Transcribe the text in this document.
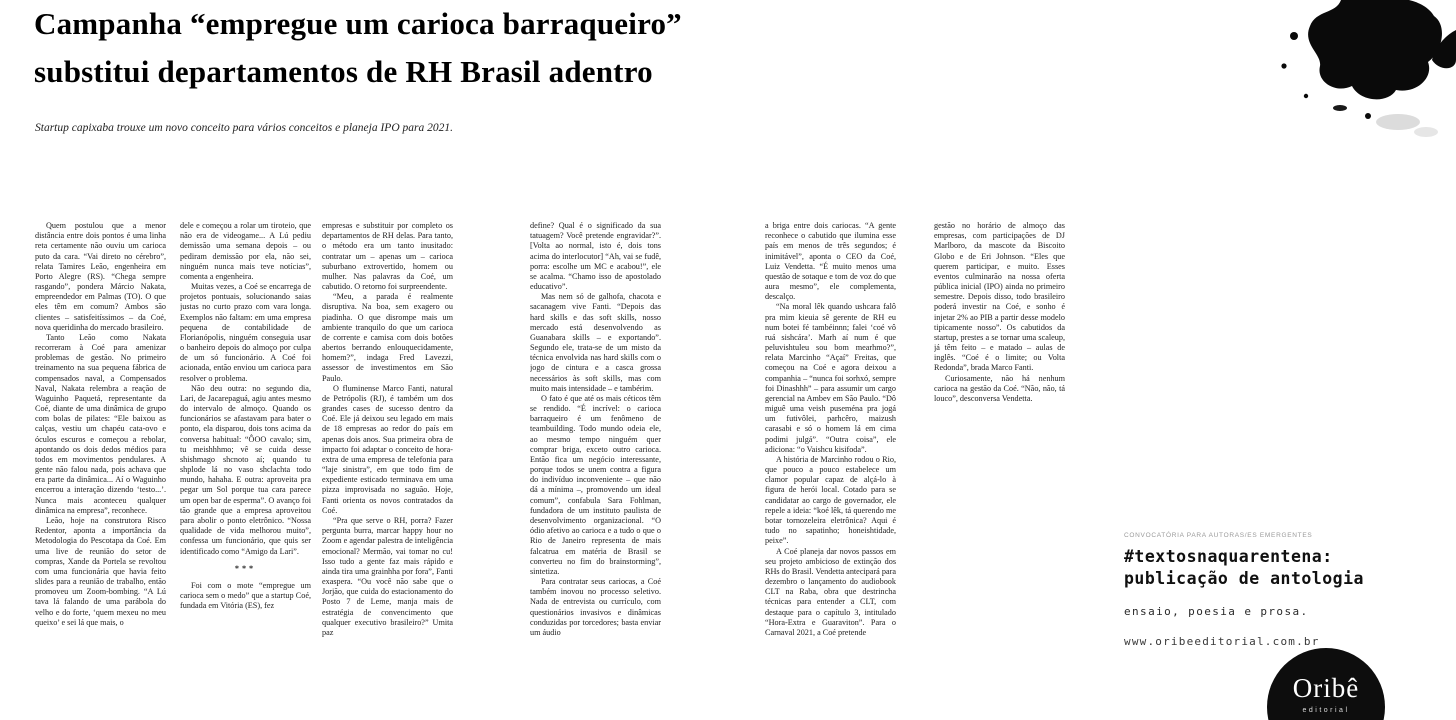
Campanha “empregue um carioca barraqueiro”
substitui departamentos de RH Brasil adentro
Startup capixaba trouxe um novo conceito para vários conceitos e planeja IPO para 2021.

Quem postulou que a menor distância entre dois pontos é uma linha reta certamente não ouviu um carioca puto da cara. “Vai direto no cérebro”, relata Tamires Leão, engenheira em Porto Alegre (RS). “Chega sempre rasgando”, pondera Márcio Nakata, empreendedor em Palmas (TO). O que eles têm em comum? Ambos são clientes – satisfeitíssimos – da Coé, nova queridinha do mercado brasileiro.

Tanto Leão como Nakata recorreram à Coé para amenizar problemas de gestão. No primeiro treinamento na sua pequena fábrica de compensados naval, a Compensados Naval, Nakata relembra a reação de Waguinho Paquetá, representante da Coé, diante de uma dinâmica de grupo com bolas de pilates: “Ele baixou as calças, vestiu um chapéu cata-ovo e óculos escuros e começou a rebolar, apontando os dois dedos médios para todos em movimentos pendulares. A gente não falou nada, pois achava que era parte da dinâmica... Aí o Waguinho encerrou a interação dizendo ‘testo...’. Nunca mais aconteceu qualquer dinâmica na empresa”, reconhece.

Leão, hoje na construtora Risco Redentor, aponta a importância da Metodologia do Pescotapa da Coé. Em uma live de reunião do setor de compras, Xande da Portela se revoltou com uma funcionária que havia feito slides para a reunião de trabalho, então promoveu um Zoom-bombing. “A Lú tava lá falando de uma parábola do velho e do forte, ‘quem mexeu no meu queixo’ e sei lá que mais, o

dele e começou a rolar um tiroteio, que não era de videogame... A Lú pediu demissão uma semana depois – ou pediram demissão por ela, não sei, ninguém nunca mais teve notícias”, comenta a engenheira.

Muitas vezes, a Coé se encarrega de projetos pontuais, solucionando saias justas no curto prazo com vara longa. Exemplos não faltam: em uma empresa pequena de contabilidade de Florianópolis, ninguém conseguia usar o banheiro depois do almoço por culpa de um só funcionário. A Coé foi acionada, então enviou um carioca para resolver o problema.

Não deu outra: no segundo dia, Lari, de Jacarepaguá, agiu antes mesmo do intervalo de almoço. Quando os funcionários se afastavam para bater o ponto, ela disparou, dois tons acima da conversa habitual: “ÔOO cavalo; sim, tu meishhhmo; vê se cuida desse shishmago shcnoto aí; quando tu shplode lá no vaso shclachta todo mundo, hahaha. E outra: aproveita pra pegar um Sol porque tua cara parece um open bar de esperma”. O avanço foi tão grande que a empresa aproveitou para abolir o ponto eletrônico. “Nossa qualidade de vida melhorou muito”, confessa um funcionário, que quis ser identificado como “Amigo da Lari”.

***

Foi com o mote “empregue um carioca sem o medo” que a startup Coé, fundada em Vitória (ES), fez

empresas e substituir por completo os departamentos de RH delas. Para tanto, o método era um tanto inusitado: contratar um – apenas um – carioca suburbano extrovertido, homem ou mulher. Nas palavras da Coé, um cabutido. O retorno foi surpreendente.

“Meu, a parada é realmente disruptiva. Na boa, sem exagero ou piadinha. O que disrompe mais um ambiente tranquilo do que um carioca de corrente e camisa com dois botões abertos berrando enlouquecidamente, homem?”, indaga Fred Lavezzi, assessor de investimentos em São Paulo.

O fluminense Marco Fanti, natural de Petrópolis (RJ), é também um dos grandes cases de sucesso dentro da Coé. Ele já deixou seu legado em mais de 18 empresas ao redor do país em apenas dois anos. Sua primeira obra de impacto foi adaptar o conceito de hora-extra de uma empresa de telefonia para “laje sinistra”, em que todo fim de expediente esticado terminava em uma pizza improvisada no saguão. Hoje, Fanti orienta os novos contratados da Coé.

“Pra que serve o RH, porra? Fazer pergunta burra, marcar happy hour no Zoom e agendar palestra de inteligência emocional? Mermão, vai tomar no cu! Isso tudo a gente faz mais rápido e ainda tira uma grainhha por fora”, Fanti exaspera. “Ou você não sabe que o Jorjão, que cuida do estacionamento do Posto 7 de Leme, manja mais de estratégia de convencimento que qualquer executivo brasileiro?” Umita paz

define? Qual é o significado da sua tatuagem? Você pretende engravidar?”. [Volta ao normal, isto é, dois tons acima do interlocutor] “Ah, vai se fudê, porra: escolhe um MC e acabou!”, ele se acalma. “Chamo isso de apostolado educativo”.

Mas nem só de galhofa, chacota e sacanagem vive Fanti. “Depois das hard skills e das soft skills, nosso mercado está desenvolvendo as Guanabara skills – e exportando”. Segundo ele, trata-se de um misto da técnica envolvida nas hard skills com o jogo de cintura e a casca grossa necessários às soft skills, mas com muito mais intensidade – e tambérim.

O fato é que até os mais céticos têm se rendido. “É incrível: o carioca barraqueiro é um fenômeno de teambuilding. Todo mundo odeia ele, ao mesmo tempo ninguém quer comprar briga, exceto outro carioca. Então fica um negócio interessante, porque todos se unem contra a figura do indivíduo inconveniente – que não dá a mínima –, promovendo um ideal comum”, confabula Sara Fohlman, fundadora de um instituto paulista de desenvolvimento organizacional. “O ódio afetivo ao carioca e a tudo o que o Rio de Janeiro representa de mais falcatrua em matéria de Brasil se converteu no fim do brainstorming”, sintetiza.

Para contratar seus cariocas, a Coé também inovou no processo seletivo. Nada de entrevista ou currículo, com questionários invasivos e dinâmicas conduzidas por torcedores; basta enviar um áudio

a briga entre dois cariocas. “A gente reconhece o cabutido que ilumina esse país em menos de três segundos; é inimitável”, aponta o CEO da Coé, Luiz Vendetta. “É muito menos uma questão de sotaque e tom de voz do que aura mesmo”, ele complementa, descalço.

“Na moral lêk quando ushcara falô pra mim kieuia sê gerente de RH eu num botei fé tambéinnn; falei ‘coé vô ruá sishcára’. Marh aí num é que peluvishtuleu sou bom mearhmo?”, relata Marcinho “Açaí” Freitas, que começou na Coé e agora deixou a companhia – “nunca foi sorhxó, sempre foi Dinashhh” – para assumir um cargo gerencial na Ambev em São Paulo. “Dô miguê uma veish puseména pra jogá um futivôlei, parhcêro, maizush carasabi e só o homem lá em cima podimi julgá”. “Outra coisa”, ele adiciona: “o Vaishcu kisifoda”.

A história de Marcinho rodou o Rio, que pouco a pouco estabelece um clamor popular capaz de alçá-lo à figura de herói local. Cotado para se candidatar ao cargo de governador, ele repele a ideia: “koé lêk, tá querendo me botar tornozeleira eletrônica? Aqui é tudo no sapatinho; honeishtidade, peixe”.

A Coé planeja dar novos passos em seu projeto ambicioso de extinção dos RHs do Brasil. Vendetta antecipará para dezembro o lançamento do audiobook CLT na Raba, obra que destrincha técnicas para entender a CLT, com destaque para o capítulo 3, intitulado “Hora-Extra e Guaraviton”. Para o Carnaval 2021, a Coé pretende

gestão no horário de almoço das empresas, com participações de DJ Marlboro, da mascote da Biscoito Globo e de Eri Johnson. “Eles que querem participar, e muito. Esses eventos culminarão na nossa oferta pública inicial (IPO) ainda no primeiro semestre. Depois disso, todo brasileiro poderá investir na Coé, e sonho é injetar 2% ao PIB a partir desse modelo tipicamente nosso”. Os cabutidos da startup, prestes a se tornar uma scaleup, já têm feito – e matado – aulas de inglês. “Coé é o limite; ou Volta Redonda”, brada Marco Fanti.

Curiosamente, não há nenhum carioca na gestão da Coé. “Não, não, tá louco”, desconversa Vendetta.

CONVOCATÓRIA PARA AUTORAS/ES EMERGENTES
#textosnaquarentena:
publicação de antologia
ensaio, poesia e prosa.
www.oribeeditorial.com.br
Oribê
editorial
